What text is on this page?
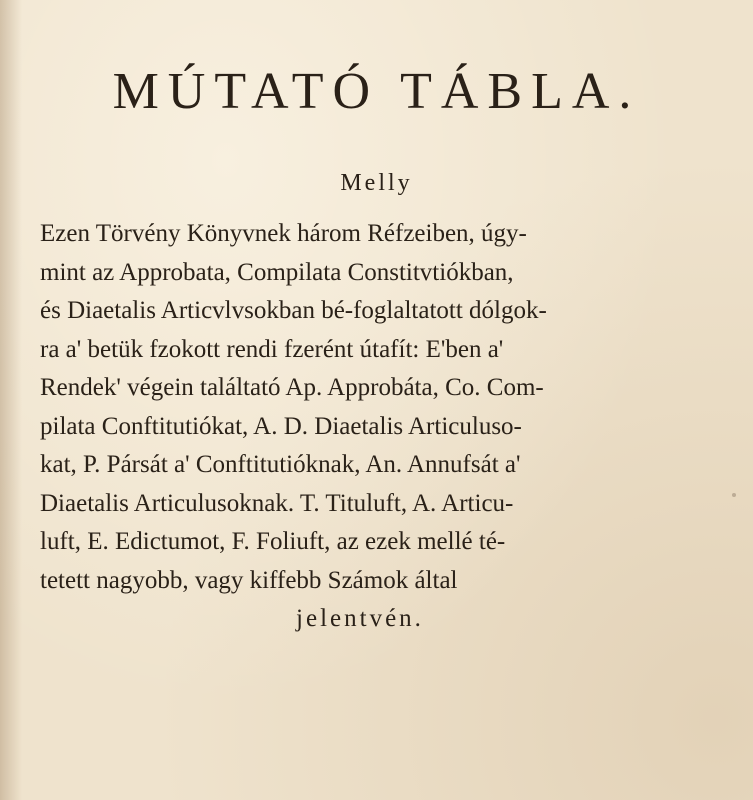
MÚTATÓ TÁBLA.
Melly
Ezen Törvény Könyvnek három Réfzeiben, úgy-
mint az Approbata, Compilata Constitvtiókban,
és Diaetalis Articvlvsokban bé-foglaltatott dólgok-
ra a' betük fzokott rendi fzerént útafít: E'ben a'
Rendek' végein találtató Ap. Approbáta, Co. Com-
pilata Conftitutiókat, A. D. Diaetalis Articuluso-
kat, P. Pársát a' Conftitutióknak, An. Annufsát a'
Diaetalis Articulusoknak. T. Tituluft, A. Articu-
luft, E. Edictumot, F. Foliuft, az ezek mellé té-
tetett nagyobb, vagy kiffebb Számok által
jelentvén.
